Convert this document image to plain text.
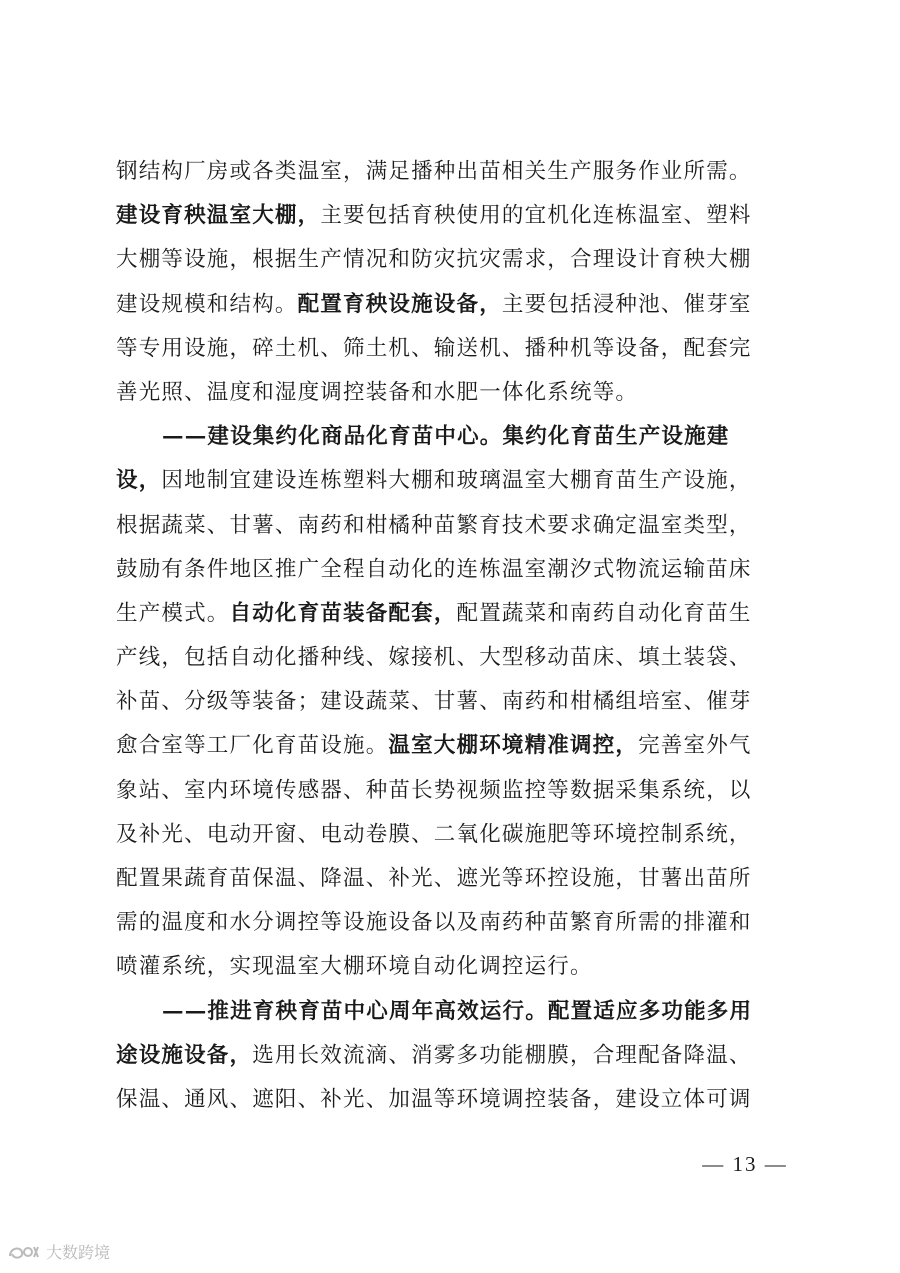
钢结构厂房或各类温室，满足播种出苗相关生产服务作业所需。
建设育秧温室大棚，主要包括育秧使用的宜机化连栋温室、塑料
大棚等设施，根据生产情况和防灾抗灾需求，合理设计育秧大棚
建设规模和结构。配置育秧设施设备，主要包括浸种池、催芽室
等专用设施，碎土机、筛土机、输送机、播种机等设备，配套完
善光照、温度和湿度调控装备和水肥一体化系统等。
——建设集约化商品化育苗中心。集约化育苗生产设施建
设，因地制宜建设连栋塑料大棚和玻璃温室大棚育苗生产设施，
根据蔬菜、甘薯、南药和柑橘种苗繁育技术要求确定温室类型，
鼓励有条件地区推广全程自动化的连栋温室潮汐式物流运输苗床
生产模式。自动化育苗装备配套，配置蔬菜和南药自动化育苗生
产线，包括自动化播种线、嫁接机、大型移动苗床、填土装袋、
补苗、分级等装备；建设蔬菜、甘薯、南药和柑橘组培室、催芽
愈合室等工厂化育苗设施。温室大棚环境精准调控，完善室外气
象站、室内环境传感器、种苗长势视频监控等数据采集系统，以
及补光、电动开窗、电动卷膜、二氧化碳施肥等环境控制系统，
配置果蔬育苗保温、降温、补光、遮光等环控设施，甘薯出苗所
需的温度和水分调控等设施设备以及南药种苗繁育所需的排灌和
喷灌系统，实现温室大棚环境自动化调控运行。
——推进育秧育苗中心周年高效运行。配置适应多功能多用
途设施设备，选用长效流滴、消雾多功能棚膜，合理配备降温、
保温、通风、遮阳、补光、加温等环境调控装备，建设立体可调
— 13 —
大数跨境
